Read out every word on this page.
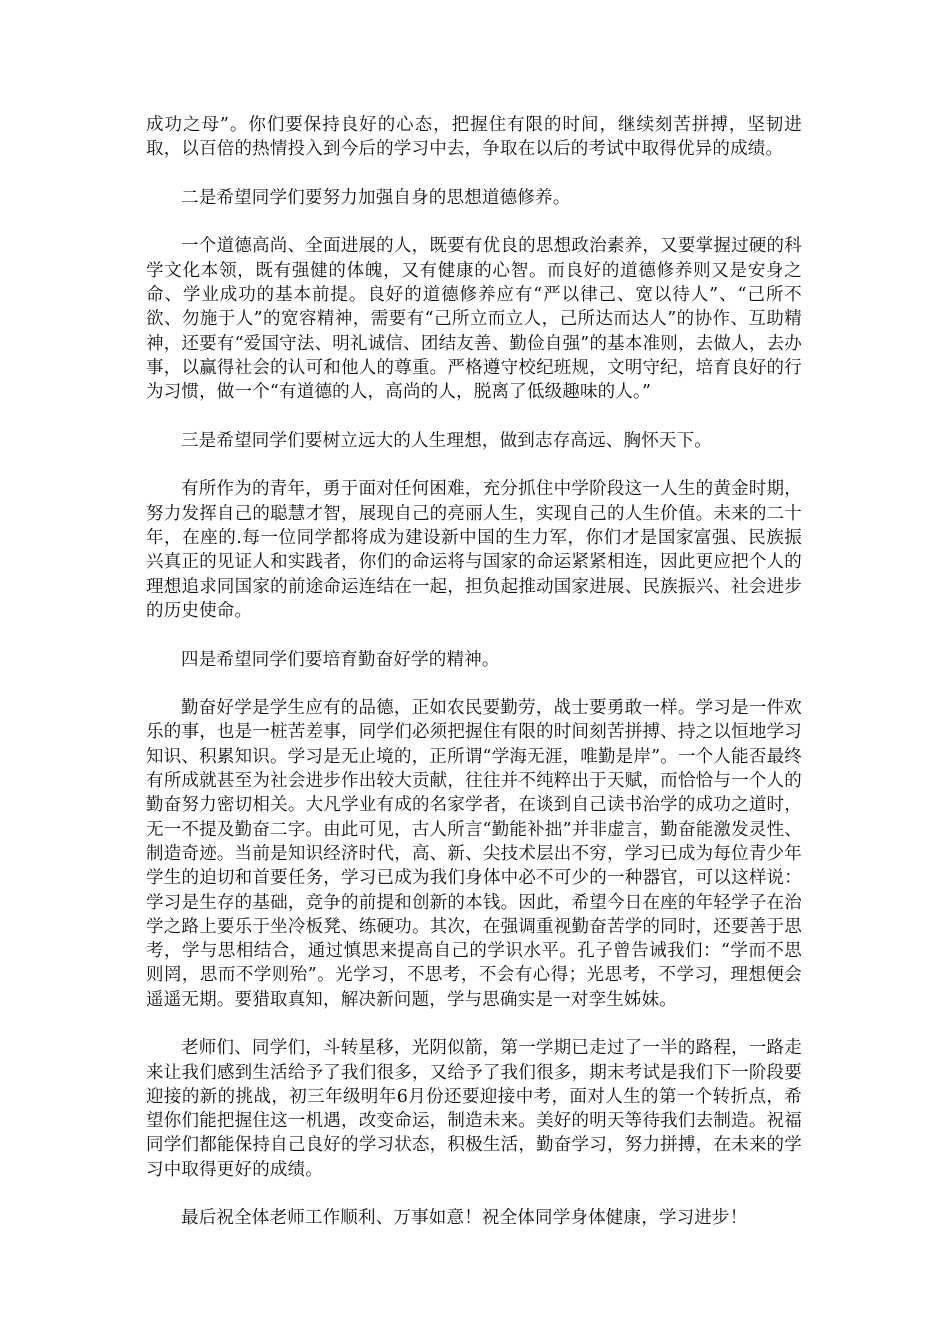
成功之母”。你们要保持良好的心态，把握住有限的时间，继续刻苦拼搏，坚韧进取，以百倍的热情投入到今后的学习中去，争取在以后的考试中取得优异的成绩。

二是希望同学们要努力加强自身的思想道德修养。

一个道德高尚、全面进展的人，既要有优良的思想政治素养，又要掌握过硬的科学文化本领，既有强健的体魄，又有健康的心智。而良好的道德修养则又是安身之命、学业成功的基本前提。良好的道德修养应有“严以律己、宽以待人”、“己所不欲、勿施于人”的宽容精神，需要有“己所立而立人，己所达而达人”的协作、互助精神，还要有“爱国守法、明礼诚信、团结友善、勤俭自强”的基本准则，去做人，去办事，以赢得社会的认可和他人的尊重。严格遵守校纪班规，文明守纪，培育良好的行为习惯，做一个“有道德的人，高尚的人，脱离了低级趣味的人。”

三是希望同学们要树立远大的人生理想，做到志存高远、胸怀天下。

有所作为的青年，勇于面对任何困难，充分抓住中学阶段这一人生的黄金时期，努力发挥自己的聪慧才智，展现自己的亮丽人生，实现自己的人生价值。未来的二十年，在座的.每一位同学都将成为建设新中国的生力军，你们才是国家富强、民族振兴真正的见证人和实践者，你们的命运将与国家的命运紧紧相连，因此更应把个人的理想追求同国家的前途命运连结在一起，担负起推动国家进展、民族振兴、社会进步的历史使命。

四是希望同学们要培育勤奋好学的精神。

勤奋好学是学生应有的品德，正如农民要勤劳，战士要勇敢一样。学习是一件欢乐的事，也是一桩苦差事，同学们必须把握住有限的时间刻苦拼搏、持之以恒地学习知识、积累知识。学习是无止境的，正所谓“学海无涯，唯勤是岸”。一个人能否最终有所成就甚至为社会进步作出较大贡献，往往并不纯粹出于天赋，而恰恰与一个人的勤奋努力密切相关。大凡学业有成的名家学者，在谈到自己读书治学的成功之道时，无一不提及勤奋二字。由此可见，古人所言“勤能补拙”并非虚言，勤奋能激发灵性、制造奇迹。当前是知识经济时代，高、新、尖技术层出不穷，学习已成为每位青少年学生的迫切和首要任务，学习已成为我们身体中必不可少的一种器官，可以这样说：学习是生存的基础，竞争的前提和创新的本钱。因此，希望今日在座的年轻学子在治学之路上要乐于坐冷板凳、练硬功。其次，在强调重视勤奋苦学的同时，还要善于思考，学与思相结合，通过慎思来提高自己的学识水平。孔子曾告诫我们：“学而不思则罔，思而不学则殆”。光学习，不思考，不会有心得；光思考，不学习，理想便会遥遥无期。要猎取真知，解决新问题，学与思确实是一对孪生姊妹。

老师们、同学们，斗转星移，光阴似箭，第一学期已走过了一半的路程，一路走来让我们感到生活给予了我们很多，又给予了我们很多，期末考试是我们下一阶段要迎接的新的挑战，初三年级明年6月份还要迎接中考，面对人生的第一个转折点，希望你们能把握住这一机遇，改变命运，制造未来。美好的明天等待我们去制造。祝福同学们都能保持自己良好的学习状态，积极生活，勤奋学习，努力拼搏，在未来的学习中取得更好的成绩。

最后祝全体老师工作顺利、万事如意！祝全体同学身体健康，学习进步！
